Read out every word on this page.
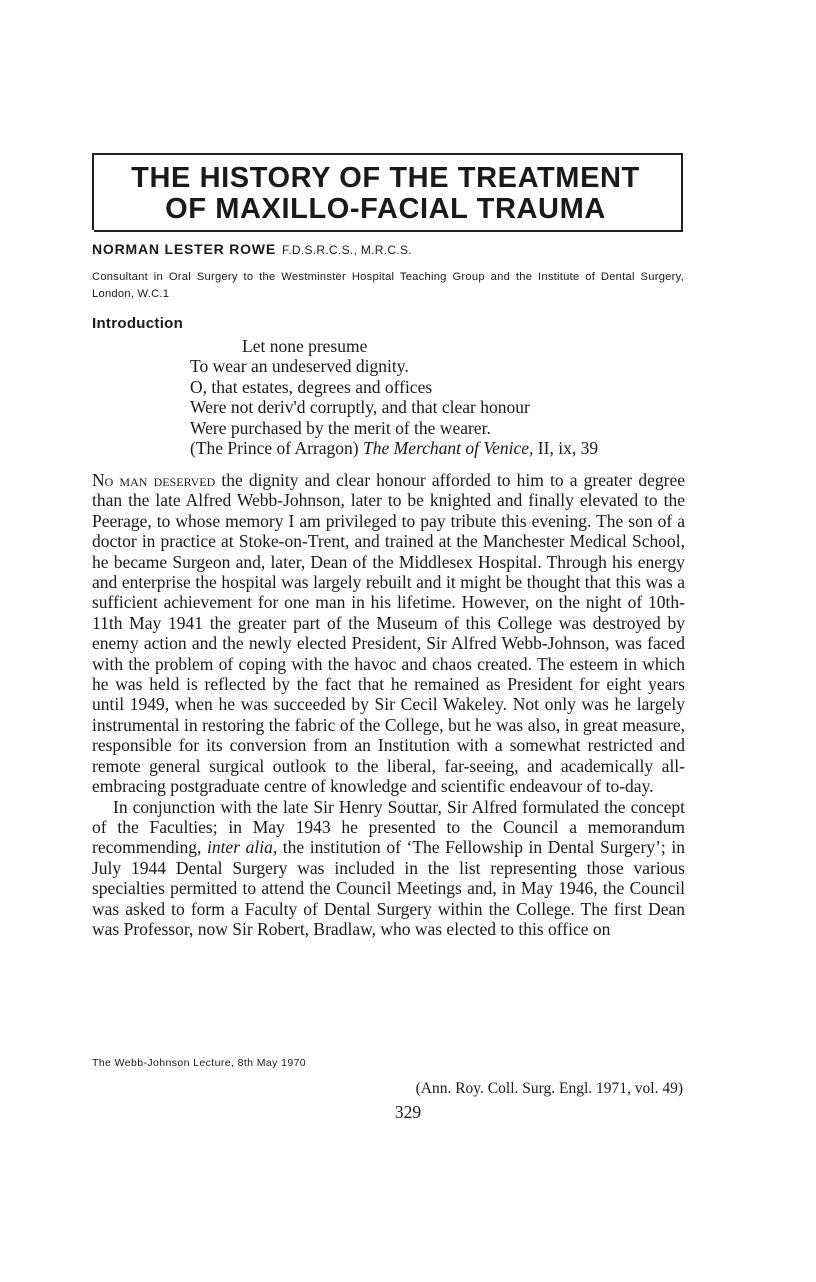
THE HISTORY OF THE TREATMENT
OF MAXILLO-FACIAL TRAUMA
NORMAN LESTER ROWE F.D.S.R.C.S., M.R.C.S.
Consultant in Oral Surgery to the Westminster Hospital Teaching Group and the Institute of Dental Surgery, London, W.C.1
Introduction
Let none presume
To wear an undeserved dignity.
O, that estates, degrees and offices
Were not deriv'd corruptly, and that clear honour
Were purchased by the merit of the wearer.
(The Prince of Arragon) The Merchant of Venice, II, ix, 39

No man deserved the dignity and clear honour afforded to him to a greater degree than the late Alfred Webb-Johnson, later to be knighted and finally elevated to the Peerage, to whose memory I am privileged to pay tribute this evening. The son of a doctor in practice at Stoke-on-Trent, and trained at the Manchester Medical School, he became Surgeon and, later, Dean of the Middlesex Hospital. Through his energy and enterprise the hospital was largely rebuilt and it might be thought that this was a sufficient achievement for one man in his lifetime. However, on the night of 10th-11th May 1941 the greater part of the Museum of this College was destroyed by enemy action and the newly elected President, Sir Alfred Webb-Johnson, was faced with the problem of coping with the havoc and chaos created. The esteem in which he was held is reflected by the fact that he remained as President for eight years until 1949, when he was succeeded by Sir Cecil Wakeley. Not only was he largely instrumental in restoring the fabric of the College, but he was also, in great measure, responsible for its conversion from an Institution with a somewhat restricted and remote general surgical outlook to the liberal, far-seeing, and academically all-embracing postgraduate centre of knowledge and scientific endeavour of to-day.

In conjunction with the late Sir Henry Souttar, Sir Alfred formulated the concept of the Faculties; in May 1943 he presented to the Council a memorandum recommending, inter alia, the institution of ‘The Fellowship in Dental Surgery’; in July 1944 Dental Surgery was included in the list representing those various specialties permitted to attend the Council Meetings and, in May 1946, the Council was asked to form a Faculty of Dental Surgery within the College. The first Dean was Professor, now Sir Robert, Bradlaw, who was elected to this office on

The Webb-Johnson Lecture, 8th May 1970
(Ann. Roy. Coll. Surg. Engl. 1971, vol. 49)
329
